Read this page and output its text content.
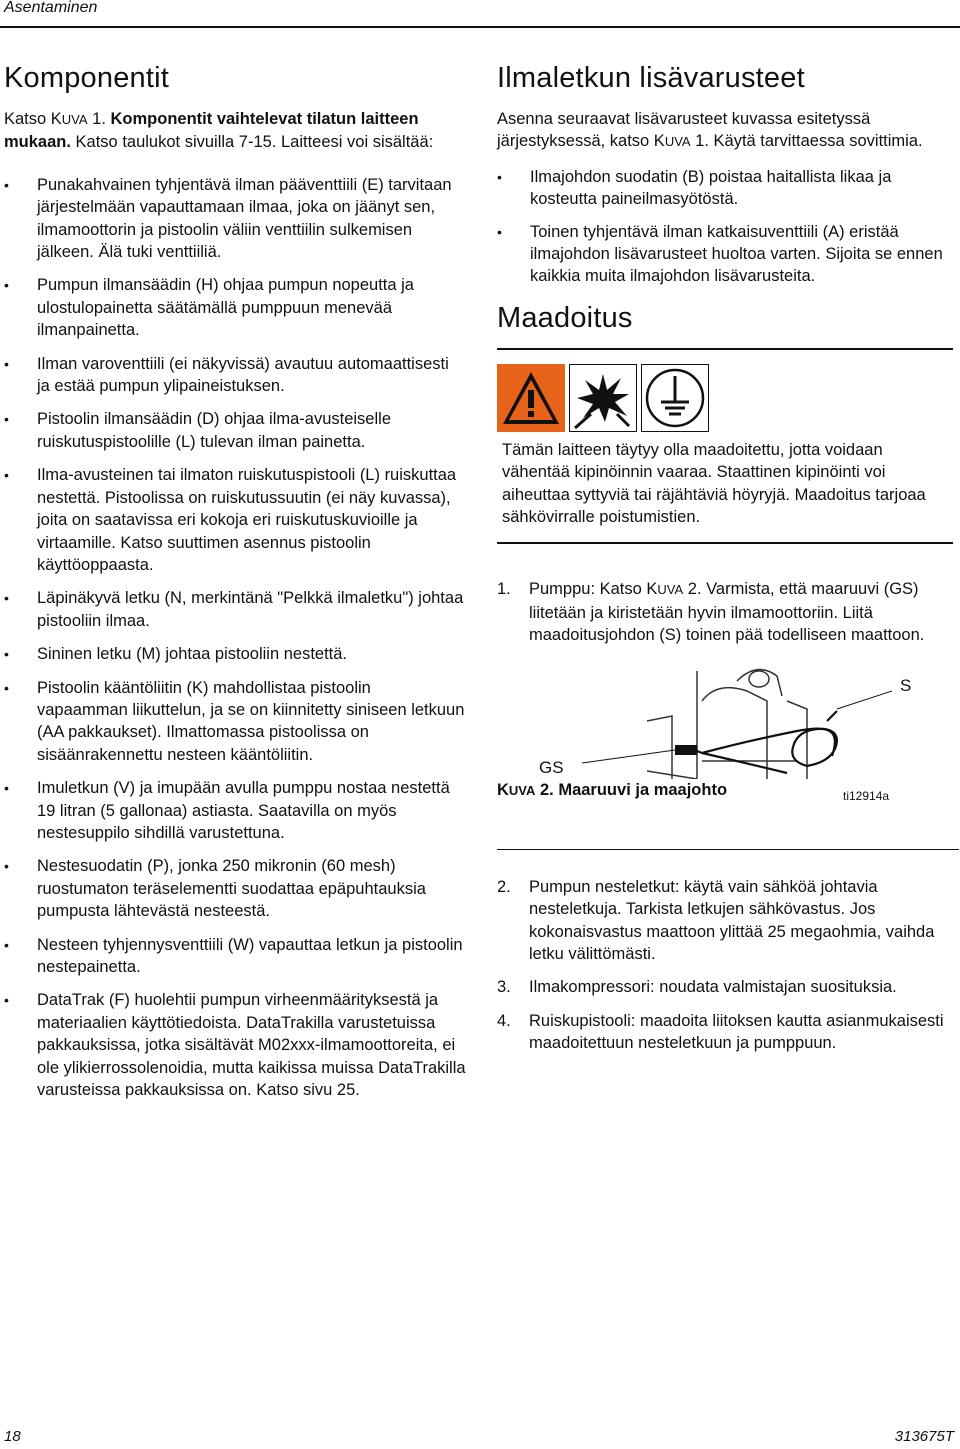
Asentaminen
Komponentit

Katso KUVA 1. Komponentit vaihtelevat tilatun laitteen mukaan. Katso taulukot sivuilla 7-15. Laitteesi voi sisältää:

• Punakahvainen tyhjentävä ilman pääventtiili (E) tarvitaan järjestelmään vapauttamaan ilmaa, joka on jäänyt sen, ilmamoottorin ja pistoolin väliin venttiilin sulkemisen jälkeen. Älä tuki venttiiliä.
• Pumpun ilmansäädin (H) ohjaa pumpun nopeutta ja ulostulopainetta säätämällä pumppuun menevää ilmanpainetta.
• Ilman varoventtiili (ei näkyvissä) avautuu automaattisesti ja estää pumpun ylipaineistuksen.
• Pistoolin ilmansäädin (D) ohjaa ilma-avusteiselle ruiskutuspistoolille (L) tulevan ilman painetta.
• Ilma-avusteinen tai ilmaton ruiskutuspistooli (L) ruiskuttaa nestettä. Pistoolissa on ruiskutussuutin (ei näy kuvassa), joita on saatavissa eri kokoja eri ruiskutuskuvioille ja virtaamille. Katso suuttimen asennus pistoolin käyttöoppaasta.
• Läpinäkyvä letku (N, merkintänä "Pelkkä ilmaletku") johtaa pistooliin ilmaa.
• Sininen letku (M) johtaa pistooliin nestettä.
• Pistoolin kääntöliitin (K) mahdollistaa pistoolin vapaamman liikuttelun, ja se on kiinnitetty siniseen letkuun (AA pakkaukset). Ilmattomassa pistoolissa on sisäänrakennettu nesteen kääntöliitin.
• Imuletkun (V) ja imupään avulla pumppu nostaa nestettä 19 litran (5 gallonaa) astiasta. Saatavilla on myös nestesuppilo sihdillä varustettuna.
• Nestesuodatin (P), jonka 250 mikronin (60 mesh) ruostumaton teräselementti suodattaa epäpuhtauksia pumpusta lähtevästä nesteestä.
• Nesteen tyhjennysventtiili (W) vapauttaa letkun ja pistoolin nestepainetta.
• DataTrak (F) huolehtii pumpun virheenmäärityksestä ja materiaalien käyttötiedoista. DataTrakilla varustetuissa pakkauksissa, jotka sisältävät M02xxx-ilmamoottoreita, ei ole ylikierrossolenoidia, mutta kaikissa muissa DataTrakilla varusteissa pakkauksissa on. Katso sivu 25.
Ilmaletkun lisävarusteet

Asenna seuraavat lisävarusteet kuvassa esitetyssä järjestyksessä, katso KUVA 1. Käytä tarvittaessa sovittimia.

• Ilmajohdon suodatin (B) poistaa haitallista likaa ja kosteutta paineilmasyötöstä.
• Toinen tyhjentävä ilman katkaisuventtiili (A) eristää ilmajohdon lisävarusteet huoltoa varten. Sijoita se ennen kaikkia muita ilmajohdon lisävarusteita.
Maadoitus

Tämän laitteen täytyy olla maadoitettu, jotta voidaan vähentää kipinöinnin vaaraa. Staattinen kipinöinti voi aiheuttaa syttyviä tai räjähtäviä höyryjä. Maadoitus tarjoaa sähkövirralle poistumistien.

1. Pumppu: Katso KUVA 2. Varmista, että maaruuvi (GS) liitetään ja kiristetään hyvin ilmamoottoriin. Liitä maadoitusjohdon (S) toinen pää todelliseen maattoon.
S
GS
ti12914a

KUVA 2. Maaruuvi ja maajohto

2. Pumpun nesteletkut: käytä vain sähköä johtavia nesteletkuja. Tarkista letkujen sähkövastus. Jos kokonaisvastus maattoon ylittää 25 megaohmia, vaihda letku välittömästi.
3. Ilmakompressori: noudata valmistajan suosituksia.
4. Ruiskupistooli: maadoita liitoksen kautta asianmukaisesti maadoitettuun nesteletkuun ja pumppuun.
18	313675T
